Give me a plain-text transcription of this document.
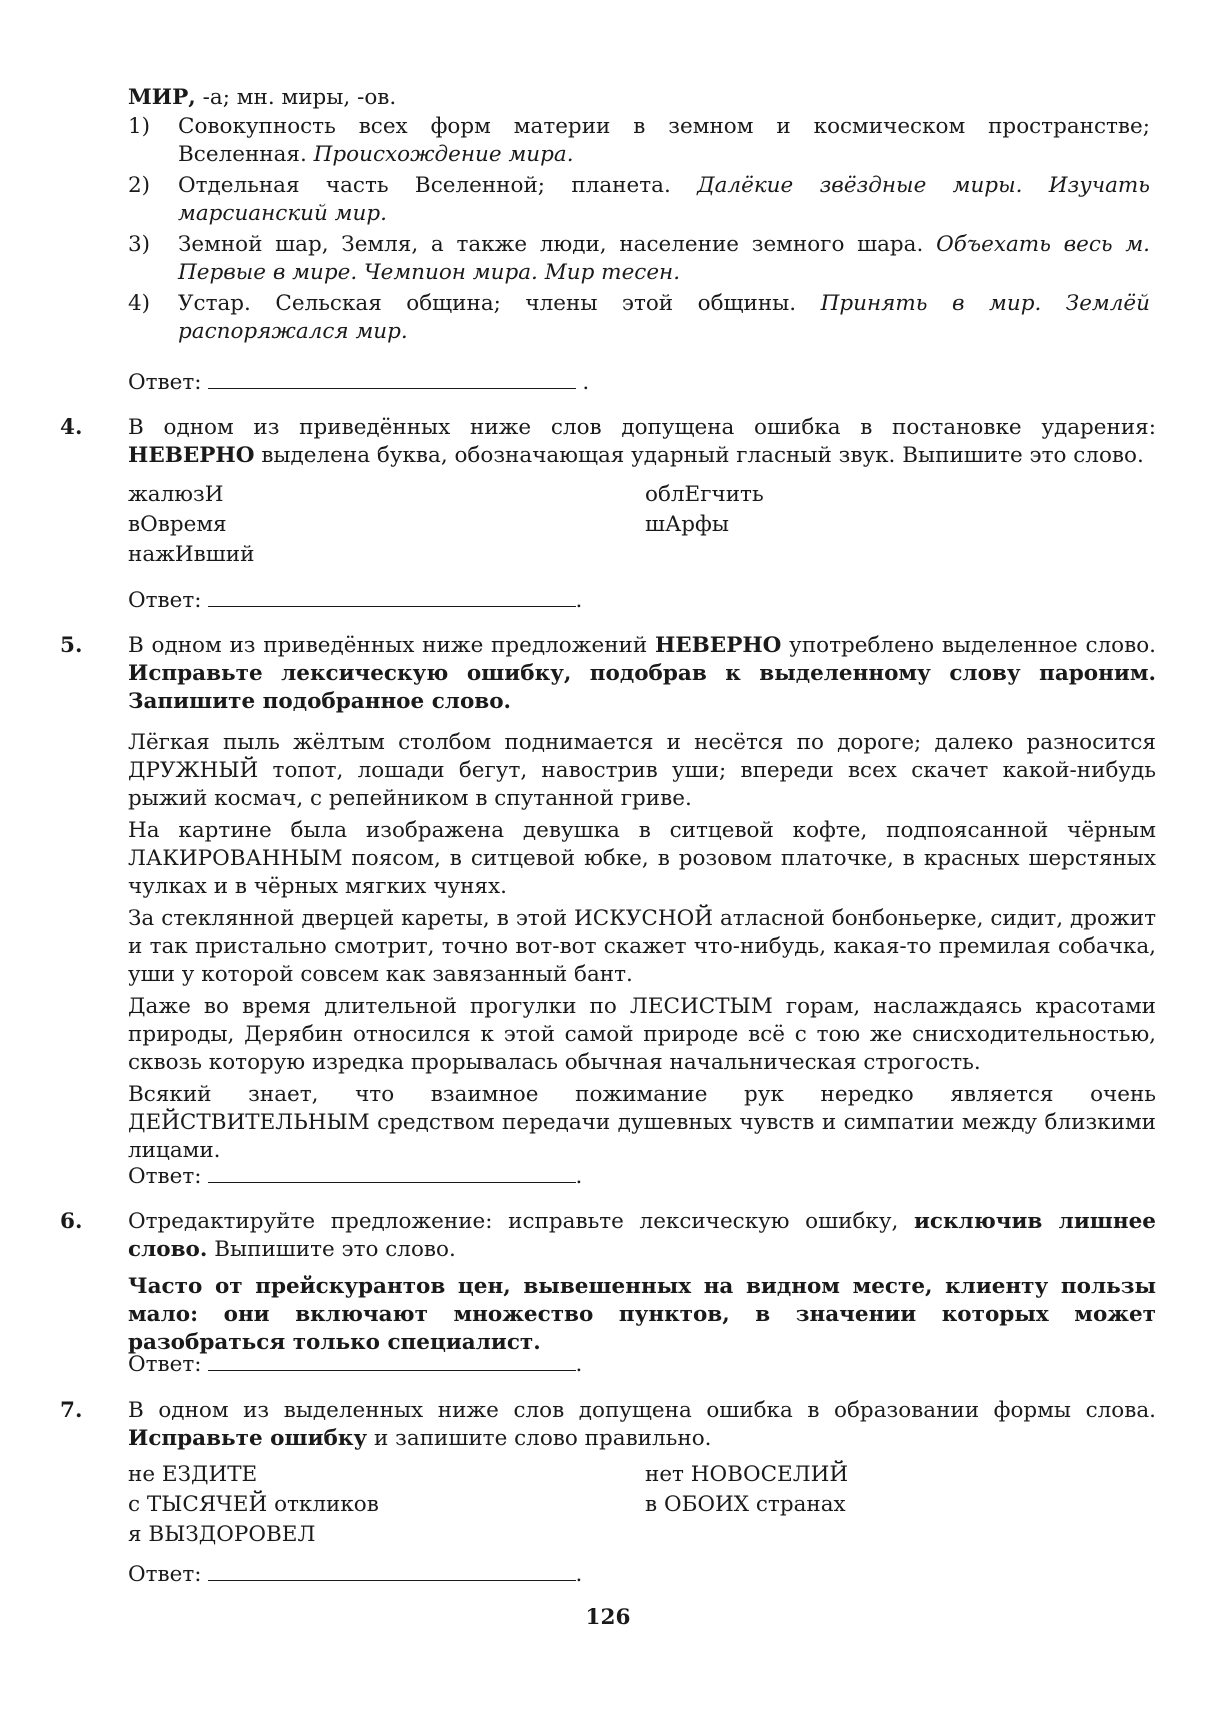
МИР, -а; мн. миры, -ов.
1)	Совокупность всех форм материи в земном и космическом пространстве; Вселенная. Происхождение мира.
2)	Отдельная часть Вселенной; планета. Далёкие звёздные миры. Изучать марсианский мир.
3)	Земной шар, Земля, а также люди, население земного шара. Объехать весь м. Первые в мире. Чемпион мира. Мир тесен.
4)	Устар. Сельская община; члены этой общины. Принять в мир. Землёй распоряжался мир.
Ответ:	.
4. В одном из приведённых ниже слов допущена ошибка в постановке ударения: НЕВЕРНО выделена буква, обозначающая ударный гласный звук. Выпишите это слово.
жалюзИ
вОвремя
нажИвший
облЕгчить
шАрфы
Ответ:	.
5. В одном из приведённых ниже предложений НЕВЕРНО употреблено выделенное слово. Исправьте лексическую ошибку, подобрав к выделенному слову пароним. Запишите подобранное слово.
Лёгкая пыль жёлтым столбом поднимается и несётся по дороге; далеко разносится ДРУЖНЫЙ топот, лошади бегут, навострив уши; впереди всех скачет какой-нибудь рыжий космач, с репейником в спутанной гриве.
На картине была изображена девушка в ситцевой кофте, подпоясанной чёрным ЛАКИРОВАННЫМ поясом, в ситцевой юбке, в розовом платочке, в красных шерстяных чулках и в чёрных мягких чунях.
За стеклянной дверцей кареты, в этой ИСКУСНОЙ атласной бонбоньерке, сидит, дрожит и так пристально смотрит, точно вот-вот скажет что-нибудь, какая-то премилая собачка, уши у которой совсем как завязанный бант.
Даже во время длительной прогулки по ЛЕСИСТЫМ горам, наслаждаясь красотами природы, Дерябин относился к этой самой природе всё с тою же снисходительностью, сквозь которую изредка прорывалась обычная начальническая строгость.
Всякий знает, что взаимное пожимание рук нередко является очень ДЕЙСТВИТЕЛЬНЫМ средством передачи душевных чувств и симпатии между близкими лицами.
Ответ:	.
6. Отредактируйте предложение: исправьте лексическую ошибку, исключив лишнее слово. Выпишите это слово.
Часто от прейскурантов цен, вывешенных на видном месте, клиенту пользы мало: они включают множество пунктов, в значении которых может разобраться только специалист.
Ответ:	.
7. В одном из выделенных ниже слов допущена ошибка в образовании формы слова. Исправьте ошибку и запишите слово правильно.
не ЕЗДИТЕ
с ТЫСЯЧЕЙ откликов
я ВЫЗДОРОВЕЛ
нет НОВОСЕЛИЙ
в ОБОИХ странах
Ответ:	.
126
